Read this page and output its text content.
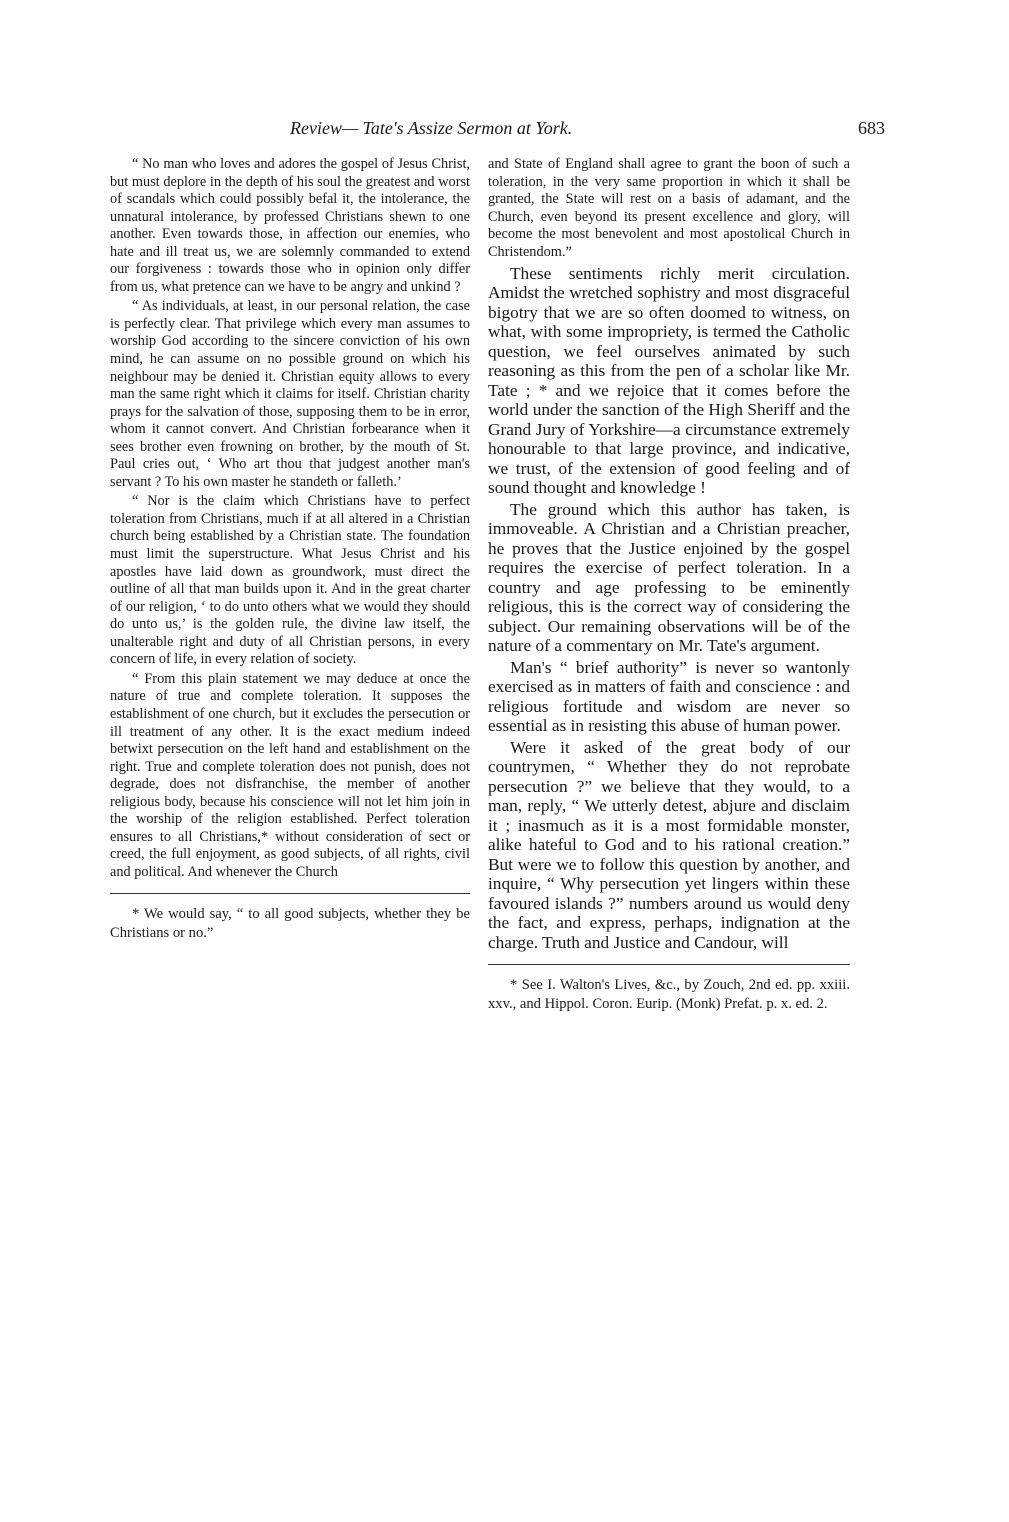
Review— Tate's Assize Sermon at York.	683

“ No man who loves and adores the gospel of Jesus Christ, but must deplore in the depth of his soul the greatest and worst of scandals which could possibly befal it, the intolerance, the unnatural intolerance, by professed Christians shewn to one another. Even towards those, in affection our enemies, who hate and ill treat us, we are solemnly commanded to extend our forgiveness : towards those who in opinion only differ from us, what pretence can we have to be angry and unkind ?

“ As individuals, at least, in our personal relation, the case is perfectly clear. That privilege which every man assumes to worship God according to the sincere conviction of his own mind, he can assume on no possible ground on which his neighbour may be denied it. Christian equity allows to every man the same right which it claims for itself. Christian charity prays for the salvation of those, supposing them to be in error, whom it cannot convert. And Christian forbearance when it sees brother even frowning on brother, by the mouth of St. Paul cries out, ‘ Who art thou that judgest another man's servant ? To his own master he standeth or falleth.’

“ Nor is the claim which Christians have to perfect toleration from Christians, much if at all altered in a Christian church being established by a Christian state. The foundation must limit the superstructure. What Jesus Christ and his apostles have laid down as groundwork, must direct the outline of all that man builds upon it. And in the great charter of our religion, ‘ to do unto others what we would they should do unto us,’ is the golden rule, the divine law itself, the unalterable right and duty of all Christian persons, in every concern of life, in every relation of society.

“ From this plain statement we may deduce at once the nature of true and complete toleration. It supposes the establishment of one church, but it excludes the persecution or ill treatment of any other. It is the exact medium indeed betwixt persecution on the left hand and establishment on the right. True and complete toleration does not punish, does not degrade, does not disfranchise, the member of another religious body, because his conscience will not let him join in the worship of the religion established. Perfect toleration ensures to all Christians,* without consideration of sect or creed, the full enjoyment, as good subjects, of all rights, civil and political. And whenever the Church

and State of England shall agree to grant the boon of such a toleration, in the very same proportion in which it shall be granted, the State will rest on a basis of adamant, and the Church, even beyond its present excellence and glory, will become the most benevolent and most apostolical Church in Christendom.”

These sentiments richly merit circulation. Amidst the wretched sophistry and most disgraceful bigotry that we are so often doomed to witness, on what, with some impropriety, is termed the Catholic question, we feel ourselves animated by such reasoning as this from the pen of a scholar like Mr. Tate ; * and we rejoice that it comes before the world under the sanction of the High Sheriff and the Grand Jury of Yorkshire—a circumstance extremely honourable to that large province, and indicative, we trust, of the extension of good feeling and of sound thought and knowledge !

The ground which this author has taken, is immoveable. A Christian and a Christian preacher, he proves that the Justice enjoined by the gospel requires the exercise of perfect toleration. In a country and age professing to be eminently religious, this is the correct way of considering the subject. Our remaining observations will be of the nature of a commentary on Mr. Tate's argument.

Man's “ brief authority” is never so wantonly exercised as in matters of faith and conscience : and religious fortitude and wisdom are never so essential as in resisting this abuse of human power.

Were it asked of the great body of our countrymen, “ Whether they do not reprobate persecution ?” we believe that they would, to a man, reply, “ We utterly detest, abjure and disclaim it ; inasmuch as it is a most formidable monster, alike hateful to God and to his rational creation.” But were we to follow this question by another, and inquire, “ Why persecution yet lingers within these favoured islands ?” numbers around us would deny the fact, and express, perhaps, indignation at the charge. Truth and Justice and Candour, will

* We would say, “ to all good subjects, whether they be Christians or no.”

* See I. Walton's Lives, &c., by Zouch, 2nd ed. pp. xxiii. xxv., and Hippol. Coron. Eurip. (Monk) Prefat. p. x. ed. 2.
